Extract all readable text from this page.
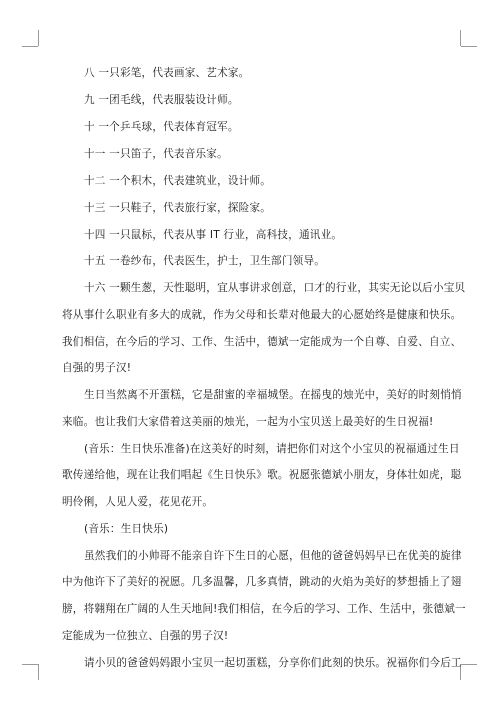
八 一只彩笔，代表画家、艺术家。
九 一团毛线，代表服装设计师。
十 一个乒乓球，代表体育冠军。
十一 一只笛子，代表音乐家。
十二 一个积木，代表建筑业，设计师。
十三 一只鞋子，代表旅行家，探险家。
十四 一只鼠标，代表从事 IT 行业，高科技，通讯业。
十五 一卷纱布，代表医生，护士，卫生部门领导。
十六 一颗生葱，天性聪明，宜从事讲求创意，口才的行业，其实无论以后小宝贝
将从事什么职业有多大的成就，作为父母和长辈对他最大的心愿始终是健康和快乐。
我们相信，在今后的学习、工作、生活中，德斌一定能成为一个自尊、自爱、自立、
自强的男子汉!
生日当然离不开蛋糕，它是甜蜜的幸福城堡。在摇曳的烛光中，美好的时刻悄悄
来临。也让我们大家借着这美丽的烛光，一起为小宝贝送上最美好的生日祝福!
(音乐：生日快乐准备)在这美好的时刻，请把你们对这个小宝贝的祝福通过生日
歌传递给他，现在让我们唱起《生日快乐》歌。祝愿张德斌小朋友，身体壮如虎，聪
明伶俐，人见人爱，花见花开。
(音乐：生日快乐)
虽然我们的小帅哥不能亲自许下生日的心愿，但他的爸爸妈妈早已在优美的旋律
中为他许下了美好的祝愿。几多温馨，几多真情，跳动的火焰为美好的梦想插上了翅
膀，将翱翔在广阔的人生天地间!我们相信，在今后的学习、工作、生活中，张德斌一
定能成为一位独立、自强的男子汉!
请小贝的爸爸妈妈跟小宝贝一起切蛋糕，分享你们此刻的快乐。祝福你们今后工
